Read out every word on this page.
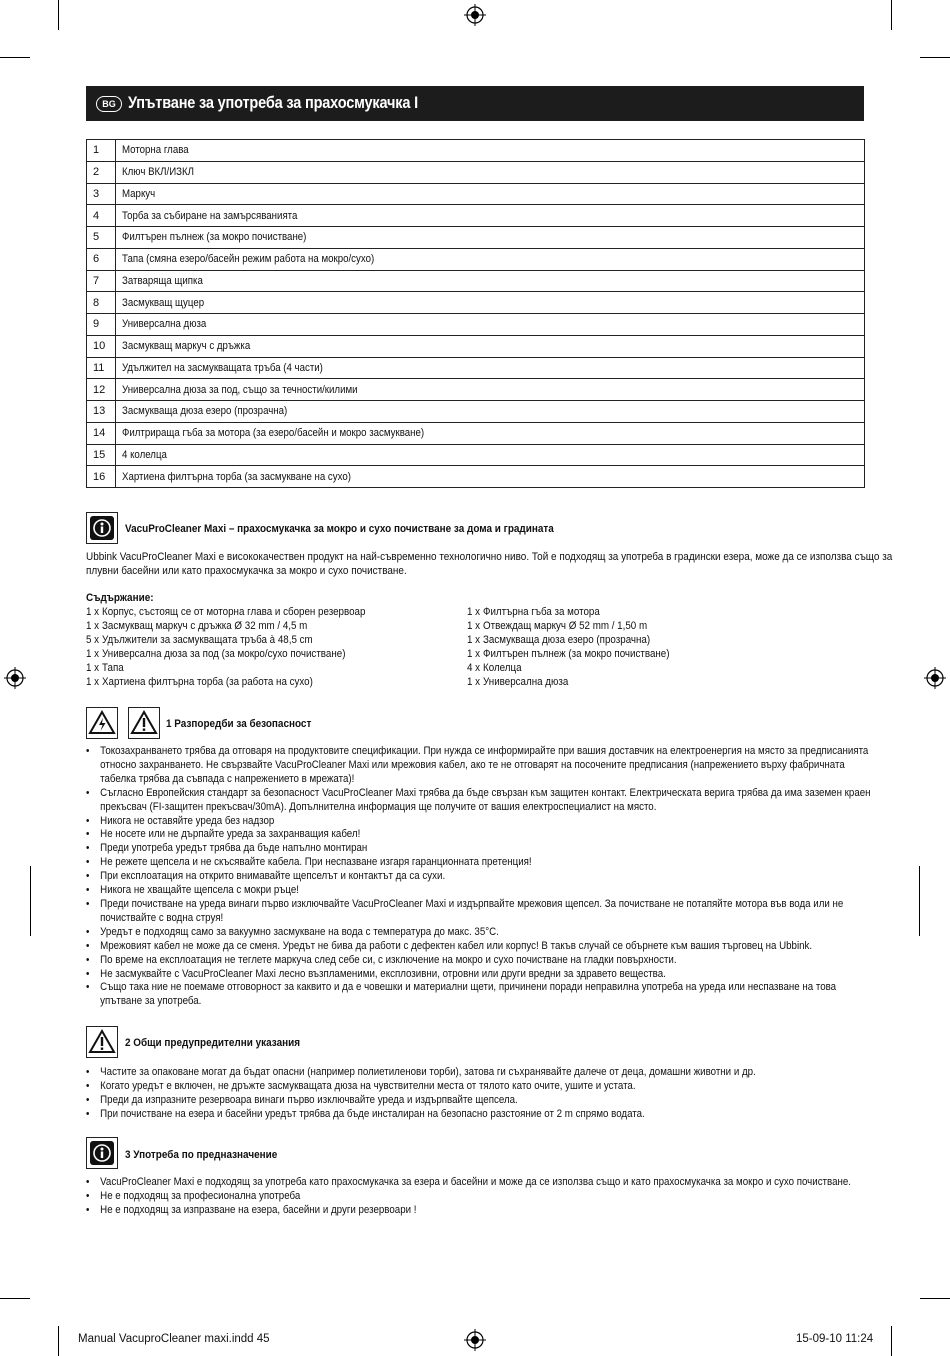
BG Упътване за употреба за прахосмукачка I
1	Моторна глава
2	Ключ ВКЛ/ИЗКЛ
3	Маркуч
4	Торба за събиране на замърсяванията
5	Филтърен пълнеж (за мокро почистване)
6	Тапа (смяна езеро/басейн режим работа на мокро/сухо)
7	Затваряща щипка
8	Засмукващ щуцер
9	Универсална дюза
10	Засмукващ маркуч с дръжка
11	Удължител на засмукващата тръба (4 части)
12	Универсална дюза за под, също за течности/килими
13	Засмукваща дюза езеро (прозрачна)
14	Филтрираща гъба за мотора (за езеро/басейн и мокро засмукване)
15	4 колелца
16	Хартиена филтърна торба (за засмукване на сухо)
VacuProCleaner Maxi – прахосмукачка за мокро и сухо почистване за дома и градината
Ubbink VacuProCleaner Maxi е висококачествен продукт на най-съвременно технологично ниво. Той е подходящ за употреба в градински езера, може да се използва също за
плувни басейни или като прахосмукачка за мокро и сухо почистване.
Съдържание:
1 x Корпус, състоящ се от моторна глава и сборен резервоар
1 x Засмукващ маркуч с дръжка Ø 32 mm / 4,5 m
5 x Удължители за засмукващата тръба à 48,5 cm
1 x Универсална дюза за под (за мокро/сухо почистване)
1 x Тапа
1 x Хартиена филтърна торба (за работа на сухо)
1 x Филтърна гъба за мотора
1 x Отвеждащ маркуч Ø 52 mm / 1,50 m
1 x Засмукваща дюза езеро (прозрачна)
1 x Филтърен пълнеж (за мокро почистване)
4 x Колелца
1 x Универсална дюза
1 Разпоредби за безопасност
• Токозахранването трябва да отговаря на продуктовите спецификации. При нужда се информирайте при вашия доставчик на електроенергия на място за предписанията
относно захранването. Не свързвайте VacuProCleaner Maxi или мрежовия кабел, ако те не отговарят на посочените предписания (напрежението върху фабричната
табелка трябва да съвпада с напрежението в мрежата)!
• Съгласно Европейския стандарт за безопасност VacuProCleaner Maxi трябва да бъде свързан към защитен контакт. Електрическата верига трябва да има заземен краен
прекъсвач (FI-защитен прекъсвач/30mA). Допълнителна информация ще получите от вашия електроспециалист на място.
• Никога не оставяйте уреда без надзор
• Не носете или не дърпайте уреда за захранващия кабел!
• Преди употреба уредът трябва да бъде напълно монтиран
• Не режете щепсела и не скъсявайте кабела. При неспазване изгаря гаранционната претенция!
• При експлоатация на открито внимавайте щепселът и контактът да са сухи.
• Никога не хващайте щепсела с мокри ръце!
• Преди почистване на уреда винаги първо изключвайте VacuProCleaner Maxi и издърпвайте мрежовия щепсел. За почистване не потапяйте мотора във вода или не
почиствайте с водна струя!
• Уредът е подходящ само за вакуумно засмукване на вода с температура до макс. 35°C.
• Мрежовият кабел не може да се сменя. Уредът не бива да работи с дефектен кабел или корпус! В такъв случай се обърнете към вашия търговец на Ubbink.
• По време на експлоатация не теглете маркуча след себе си, с изключение на мокро и сухо почистване на гладки повърхности.
• Не засмуквайте с VacuProCleaner Maxi лесно възпламеними, експлозивни, отровни или други вредни за здравето вещества.
• Също така ние не поемаме отговорност за каквито и да е човешки и материални щети, причинени поради неправилна употреба на уреда или неспазване на това
упътване за употреба.
2 Общи предупредителни указания
• Частите за опаковане могат да бъдат опасни (например полиетиленови торби), затова ги съхранявайте далече от деца, домашни животни и др.
• Когато уредът е включен, не дръжте засмукващата дюза на чувствителни места от тялото като очите, ушите и устата.
• Преди да изпразните резервоара винаги първо изключвайте уреда и издърпвайте щепсела.
• При почистване на езера и басейни уредът трябва да бъде инсталиран на безопасно разстояние от 2 m спрямо водата.
3 Употреба по предназначение
• VacuProCleaner Maxi е подходящ за употреба като прахосмукачка за езера и басейни и може да се използва също и като прахосмукачка за мокро и сухо почистване.
• Не е подходящ за професионална употреба
• Не е подходящ за изпразване на езера, басейни и други резервоари !
Manual VacuproCleaner maxi.indd 45	15-09-10 11:24
